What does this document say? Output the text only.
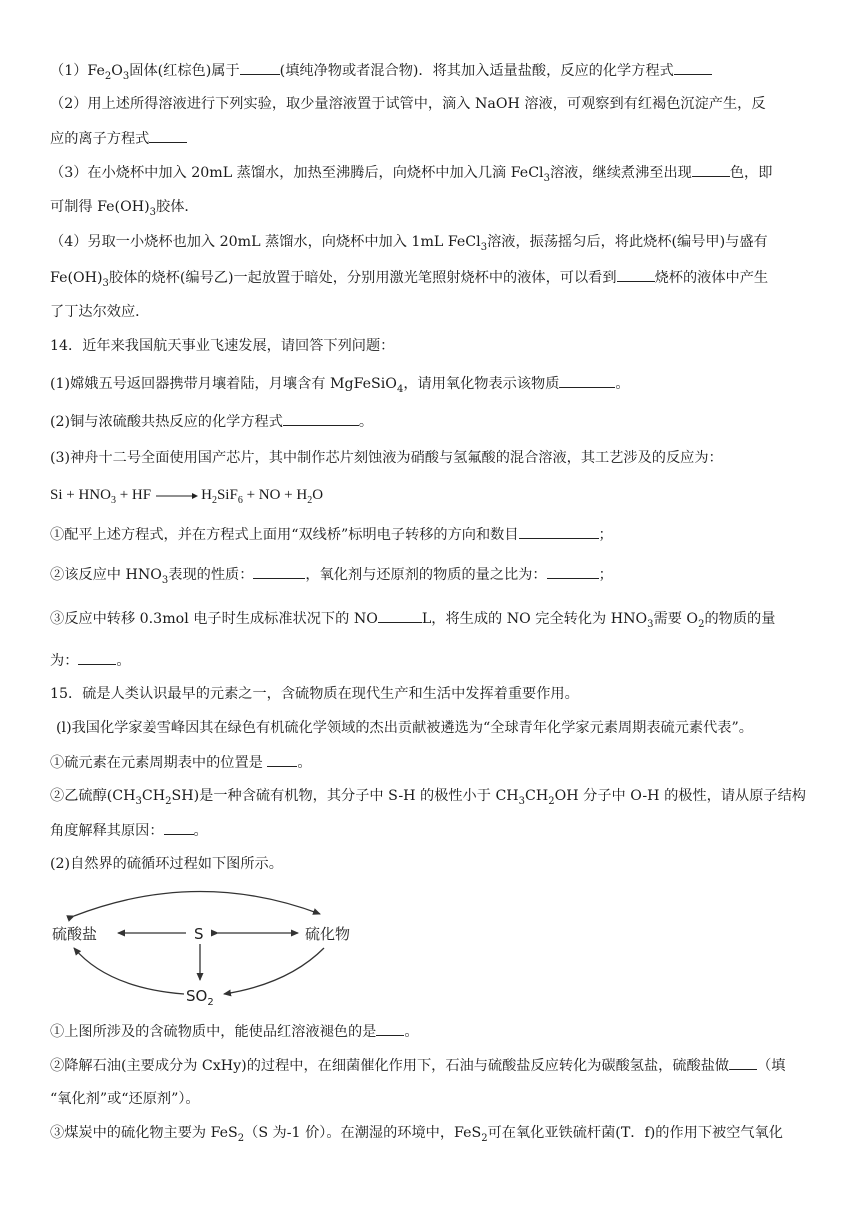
$(1)Fe_2O_3$固体(红棕色)属于	(填纯净物或者混合物)．将其加入适量盐酸，反应的化学方程式
（2）用上述所得溶液进行下列实验，取少量溶液置于试管中，滴入 NaOH 溶液，可观察到有红褐色沉淀产生，反
应的离子方程式
（3）在小烧杯中加入 20mL 蒸馏水，加热至沸腾后，向烧杯中加入几滴 FeCl$_3$溶液，继续煮沸至出现	色，即
可制得 $Fe(OH)_3$胶体．
（4）另取一小烧杯也加入 20mL 蒸馏水，向烧杯中加入 1mL FeCl$_3$溶液，振荡摇匀后，将此烧杯(编号甲)与盛有
$Fe(OH)_3$胶体的烧杯(编号乙)一起放置于暗处，分别用激光笔照射烧杯中的液体，可以看到	烧杯的液体中产生
了丁达尔效应．
14．近年来我国航天事业飞速发展，请回答下列问题：
(1)嫦娥五号返回器携带月壤着陆，月壤含有 MgFeSiO$_4$，请用氧化物表示该物质	。
(2)铜与浓硫酸共热反应的化学方程式	。
(3)神舟十二号全面使用国产芯片，其中制作芯片刻蚀液为硝酸与氢氟酸的混合溶液，其工艺涉及的反应为：
$Si + HNO_3$ + HF → $H_2SiF_6$ + NO + $H_2O$
①配平上述方程式，并在方程式上面用“双线桥”标明电子转移的方向和数目	；
②该反应中 $HNO_3$表现的性质：	，氧化剂与还原剂的物质的量之比为：	；
③反应中转移 0.3mol 电子时生成标准状况下的 NO	L，将生成的 NO 完全转化为 $HNO_3$需要 $O_2$的物质的量
为：	。
15．硫是人类认识最早的元素之一，含硫物质在现代生产和生活中发挥着重要作用。
(l)我国化学家姜雪峰因其在绿色有机硫化学领域的杰出贡献被遴选为“全球青年化学家元素周期表硫元素代表”。
①硫元素在元素周期表中的位置是 。
②乙硫醇$(CH_3CH_2SH)$是一种含硫有机物，其分子中 S-H 的极性小于 $CH_3CH_2OH$ 分子中 O-H 的极性，请从原子结构
角度解释其原因： 。
(2)自然界的硫循环过程如下图所示。
硫酸盐	S	硫化物
$SO_2$
①上图所涉及的含硫物质中，能使品红溶液褪色的是 。
②降解石油(主要成分为 CxHy)的过程中，在细菌催化作用下，石油与硫酸盐反应转化为碳酸氢盐，硫酸盐做 （填
“氧化剂”或“还原剂”）。
③煤炭中的硫化物主要为 FeS$_2$（S 为-1 价）。在潮湿的环境中，FeS$_2$可在氧化亚铁硫杆菌(T．f)的作用下被空气氧化
